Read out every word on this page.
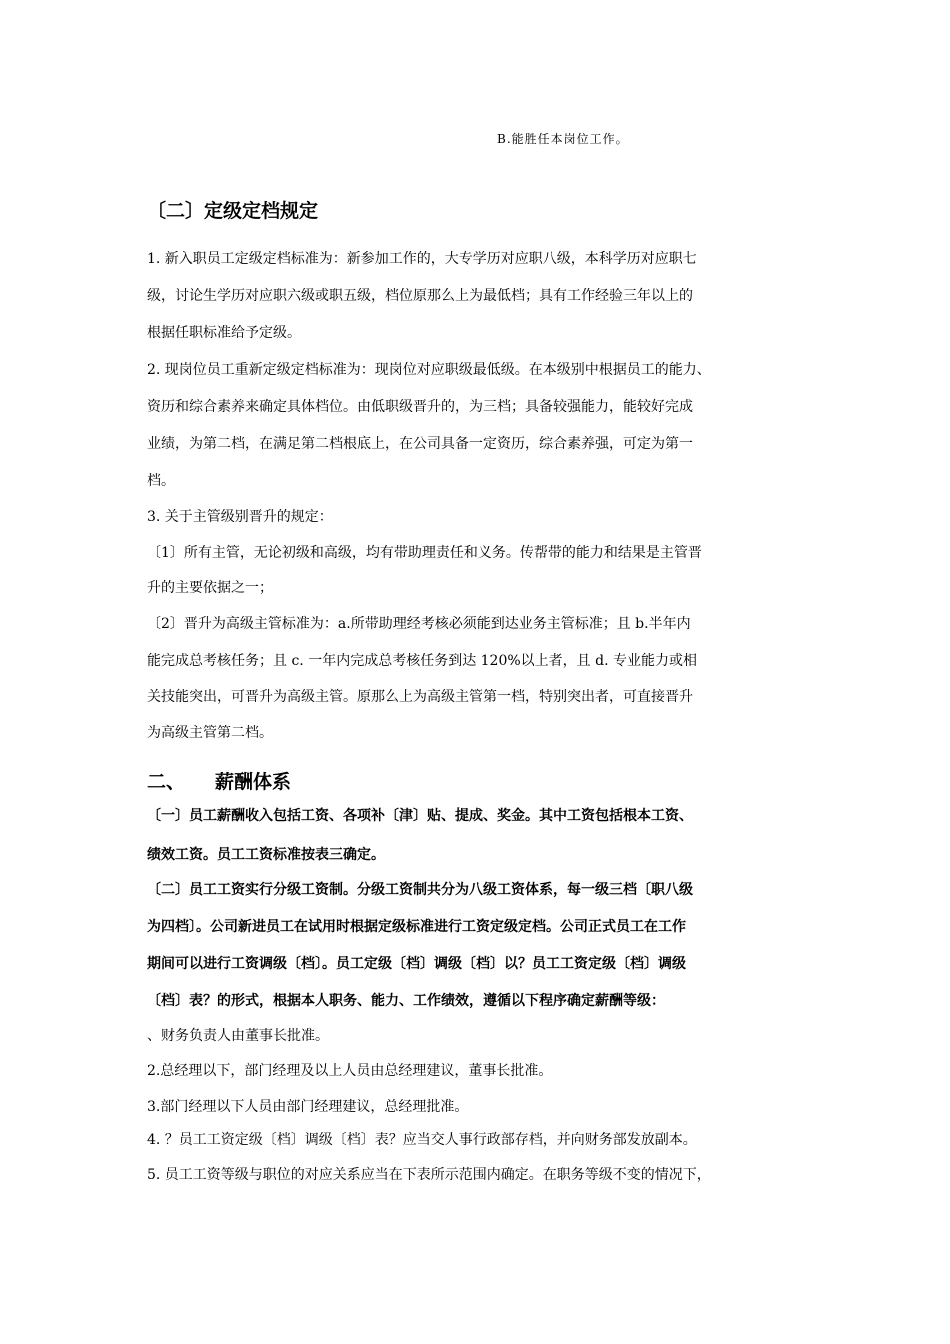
B.能胜任本岗位工作。
〔二〕定级定档规定
1. 新入职员工定级定档标准为：新参加工作的，大专学历对应职八级，本科学历对应职七
级，讨论生学历对应职六级或职五级，档位原那么上为最低档；具有工作经验三年以上的
根据任职标准给予定级。
2. 现岗位员工重新定级定档标准为：现岗位对应职级最低级。在本级别中根据员工的能力、
资历和综合素养来确定具体档位。由低职级晋升的，为三档；具备较强能力，能较好完成
业绩，为第二档，在满足第二档根底上，在公司具备一定资历，综合素养强，可定为第一
档。
3. 关于主管级别晋升的规定：
〔1〕所有主管，无论初级和高级，均有带助理责任和义务。传帮带的能力和结果是主管晋
升的主要依据之一；
〔2〕晋升为高级主管标准为：a.所带助理经考核必须能到达业务主管标准；且 b.半年内
能完成总考核任务；且 c. 一年内完成总考核任务到达 120%以上者，且 d. 专业能力或相
关技能突出，可晋升为高级主管。原那么上为高级主管第一档，特别突出者，可直接晋升
为高级主管第二档。
二、 薪酬体系
〔一〕员工薪酬收入包括工资、各项补〔津〕贴、提成、奖金。其中工资包括根本工资、
绩效工资。员工工资标准按表三确定。
〔二〕员工工资实行分级工资制。分级工资制共分为八级工资体系，每一级三档〔职八级
为四档〕。公司新进员工在试用时根据定级标准进行工资定级定档。公司正式员工在工作
期间可以进行工资调级〔档〕。员工定级〔档〕调级〔档〕以？员工工资定级〔档〕调级
〔档〕表？的形式，根据本人职务、能力、工作绩效，遵循以下程序确定薪酬等级：
、财务负责人由董事长批准。
2.总经理以下，部门经理及以上人员由总经理建议，董事长批准。
3.部门经理以下人员由部门经理建议，总经理批准。
4. ？员工工资定级〔档〕调级〔档〕表？应当交人事行政部存档，并向财务部发放副本。
5. 员工工资等级与职位的对应关系应当在下表所示范围内确定。在职务等级不变的情况下，
